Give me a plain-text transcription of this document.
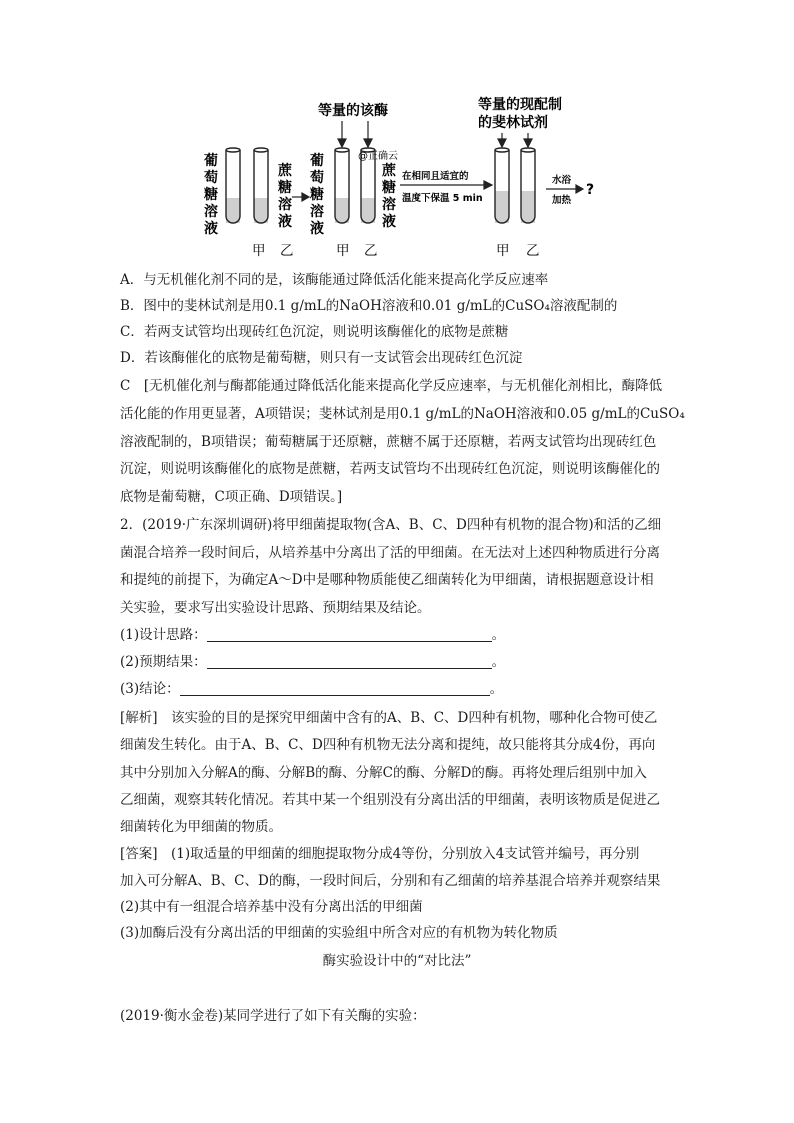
等量的该酶	等量的现配制
的斐林试剂
葡
萄
糖
溶
液
蔗
糖
溶
液
葡
萄
糖
溶
液
@正确云
蔗
糖
溶
液
在相同且适宜的
温度下保温 5 min
水浴
加热
?
甲 乙	甲 乙	甲 乙
A．与无机催化剂不同的是，该酶能通过降低活化能来提高化学反应速率
B．图中的斐林试剂是用0.1 g/mL的NaOH溶液和0.01 g/mL的CuSO₄溶液配制的
C．若两支试管均出现砖红色沉淀，则说明该酶催化的底物是蔗糖
D．若该酶催化的底物是葡萄糖，则只有一支试管会出现砖红色沉淀
C　[无机催化剂与酶都能通过降低活化能来提高化学反应速率，与无机催化剂相比，酶降低
活化能的作用更显著，A项错误；斐林试剂是用0.1 g/mL的NaOH溶液和0.05 g/mL的CuSO₄
溶液配制的，B项错误；葡萄糖属于还原糖，蔗糖不属于还原糖，若两支试管均出现砖红色
沉淀，则说明该酶催化的底物是蔗糖，若两支试管均不出现砖红色沉淀，则说明该酶催化的
底物是葡萄糖，C项正确、D项错误。]
2．(2019·广东深圳调研)将甲细菌提取物(含A、B、C、D四种有机物的混合物)和活的乙细
菌混合培养一段时间后，从培养基中分离出了活的甲细菌。在无法对上述四种物质进行分离
和提纯的前提下，为确定A～D中是哪种物质能使乙细菌转化为甲细菌，请根据题意设计相
关实验，要求写出实验设计思路、预期结果及结论。
(1)设计思路：	。
(2)预期结果：	。
(3)结论：	。
[解析]　该实验的目的是探究甲细菌中含有的A、B、C、D四种有机物，哪种化合物可使乙
细菌发生转化。由于A、B、C、D四种有机物无法分离和提纯，故只能将其分成4份，再向
其中分别加入分解A的酶、分解B的酶、分解C的酶、分解D的酶。再将处理后组别中加入
乙细菌，观察其转化情况。若其中某一个组别没有分离出活的甲细菌，表明该物质是促进乙
细菌转化为甲细菌的物质。
[答案]　(1)取适量的甲细菌的细胞提取物分成4等份，分别放入4支试管并编号，再分别
加入可分解A、B、C、D的酶，一段时间后，分别和有乙细菌的培养基混合培养并观察结果
(2)其中有一组混合培养基中没有分离出活的甲细菌
(3)加酶后没有分离出活的甲细菌的实验组中所含对应的有机物为转化物质
酶实验设计中的“对比法”
(2019·衡水金卷)某同学进行了如下有关酶的实验：
